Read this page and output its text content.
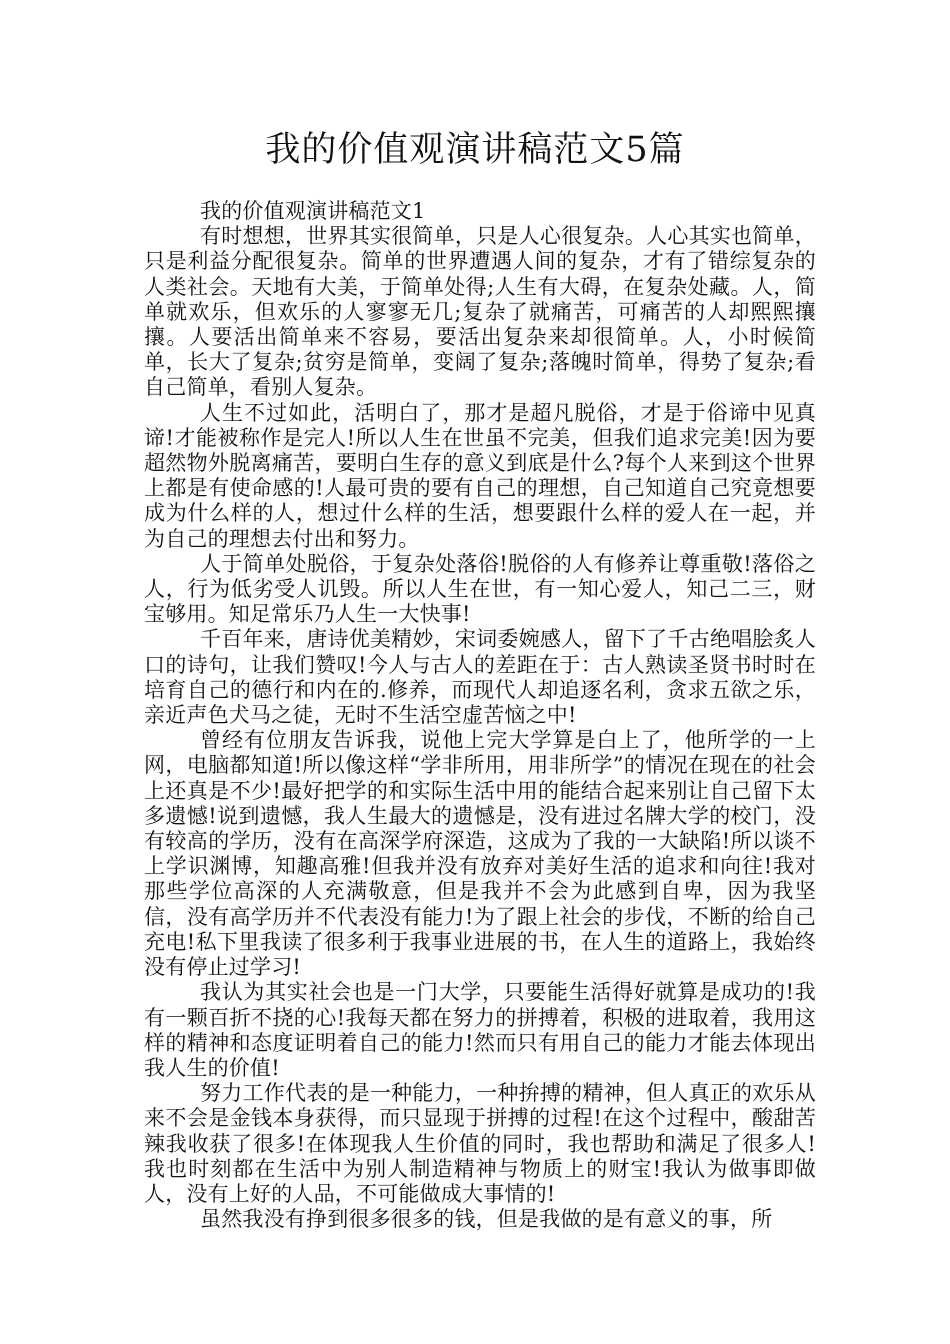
我的价值观演讲稿范文5篇

我的价值观演讲稿范文1

有时想想，世界其实很简单，只是人心很复杂。人心其实也简单，只是利益分配很复杂。简单的世界遭遇人间的复杂，才有了错综复杂的人类社会。天地有大美，于简单处得;人生有大碍，在复杂处藏。人，简单就欢乐，但欢乐的人寥寥无几;复杂了就痛苦，可痛苦的人却熙熙攘攘。人要活出简单来不容易，要活出复杂来却很简单。人，小时候简单，长大了复杂;贫穷是简单，变阔了复杂;落魄时简单，得势了复杂;看自己简单，看别人复杂。

人生不过如此，活明白了，那才是超凡脱俗，才是于俗谛中见真谛!才能被称作是完人!所以人生在世虽不完美，但我们追求完美!因为要超然物外脱离痛苦，要明白生存的意义到底是什么?每个人来到这个世界上都是有使命感的!人最可贵的要有自己的理想，自己知道自己究竟想要成为什么样的人，想过什么样的生活，想要跟什么样的爱人在一起，并为自己的理想去付出和努力。

人于简单处脱俗，于复杂处落俗!脱俗的人有修养让尊重敬!落俗之人，行为低劣受人讥毁。所以人生在世，有一知心爱人，知己二三，财宝够用。知足常乐乃人生一大快事!

千百年来，唐诗优美精妙，宋词委婉感人，留下了千古绝唱脍炙人口的诗句，让我们赞叹!今人与古人的差距在于：古人熟读圣贤书时时在培育自己的德行和内在的.修养，而现代人却追逐名利，贪求五欲之乐，亲近声色犬马之徒，无时不生活空虚苦恼之中!

曾经有位朋友告诉我，说他上完大学算是白上了，他所学的一上网，电脑都知道!所以像这样“学非所用，用非所学”的情况在现在的社会上还真是不少!最好把学的和实际生活中用的能结合起来别让自己留下太多遗憾!说到遗憾，我人生最大的遗憾是，没有进过名牌大学的校门，没有较高的学历，没有在高深学府深造，这成为了我的一大缺陷!所以谈不上学识渊博，知趣高雅!但我并没有放弃对美好生活的追求和向往!我对那些学位高深的人充满敬意，但是我并不会为此感到自卑，因为我坚信，没有高学历并不代表没有能力!为了跟上社会的步伐，不断的给自己充电!私下里我读了很多利于我事业进展的书，在人生的道路上，我始终没有停止过学习!

我认为其实社会也是一门大学，只要能生活得好就算是成功的!我有一颗百折不挠的心!我每天都在努力的拼搏着，积极的进取着，我用这样的精神和态度证明着自己的能力!然而只有用自己的能力才能去体现出我人生的价值!

努力工作代表的是一种能力，一种拚搏的精神，但人真正的欢乐从来不会是金钱本身获得，而只显现于拼搏的过程!在这个过程中，酸甜苦辣我收获了很多!在体现我人生价值的同时，我也帮助和满足了很多人!我也时刻都在生活中为别人制造精神与物质上的财宝!我认为做事即做人，没有上好的人品，不可能做成大事情的!

虽然我没有挣到很多很多的钱，但是我做的是有意义的事，所
